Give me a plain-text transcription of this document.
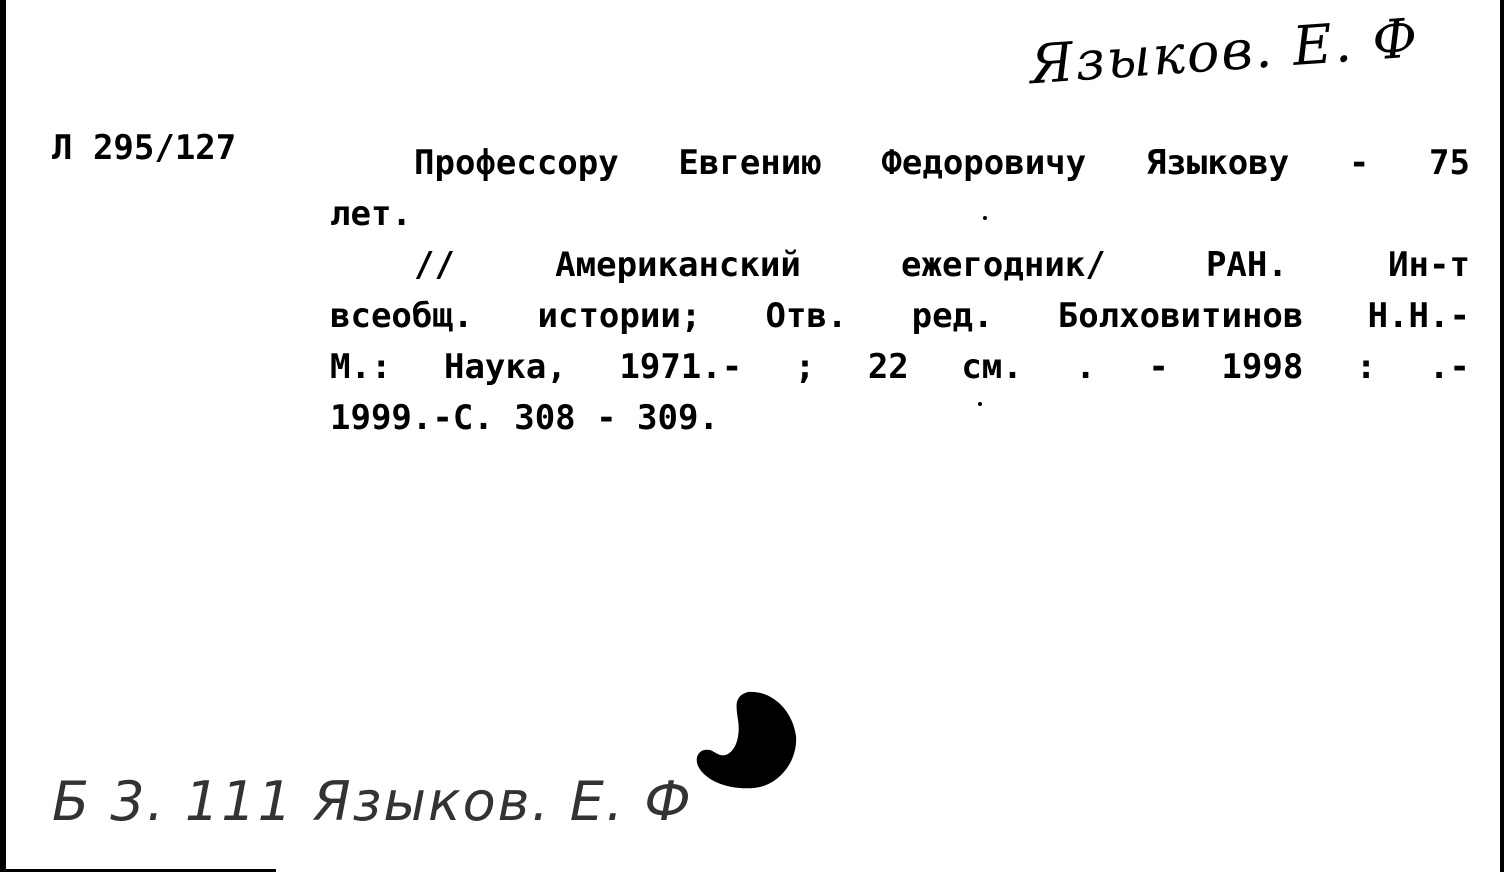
Языков. Е. Ф
Л 295/127	Профессору Евгению Федоровичу Языкову - 75
лет.
//	Американский	ежегодник/	РАН.	Ин-т
всеобщ. истории; Отв. ред. Болховитинов Н.Н.-
М.: Наука, 1971.- ; 22 см. . - 1998 : .-
1999.-С. 308 - 309.
Б 3. 111 Языков. Е. Ф
